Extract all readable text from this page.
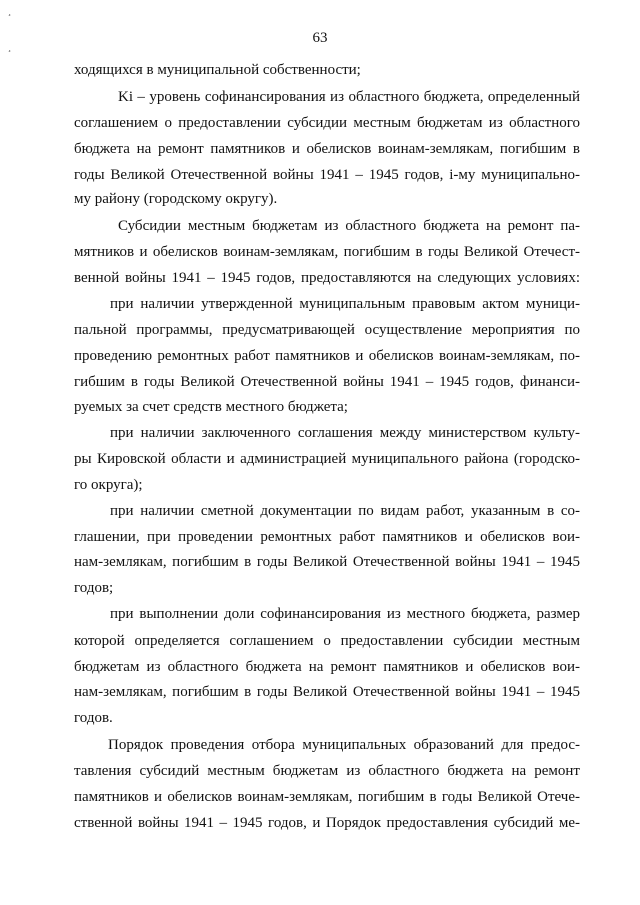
¸
¸
63
ходящихся в муниципальной собственности;
Ki – уровень софинансирования из областного бюджета, определенный
соглашением о предоставлении субсидии местным бюджетам из областного
бюджета на ремонт памятников и обелисков воинам-землякам, погибшим в
годы Великой Отечественной войны 1941 – 1945 годов, i-му муниципально-
му району (городскому округу).
Субсидии местным бюджетам из областного бюджета на ремонт па-
мятников и обелисков воинам-землякам, погибшим в годы Великой Отечест-
венной войны 1941 – 1945 годов, предоставляются на следующих условиях:
при наличии утвержденной муниципальным правовым актом муници-
пальной программы, предусматривающей осуществление мероприятия по
проведению ремонтных работ памятников и обелисков воинам-землякам, по-
гибшим в годы Великой Отечественной войны 1941 – 1945 годов, финанси-
руемых за счет средств местного бюджета;
при наличии заключенного соглашения между министерством культу-
ры Кировской области и администрацией муниципального района (городско-
го округа);
при наличии сметной документации по видам работ, указанным в со-
глашении, при проведении ремонтных работ памятников и обелисков вои-
нам-землякам, погибшим в годы Великой Отечественной войны 1941 – 1945
годов;
при выполнении доли софинансирования из местного бюджета, размер
которой определяется соглашением о предоставлении субсидии местным
бюджетам из областного бюджета на ремонт памятников и обелисков вои-
нам-землякам, погибшим в годы Великой Отечественной войны 1941 – 1945
годов.
Порядок проведения отбора муниципальных образований для предос-
тавления субсидий местным бюджетам из областного бюджета на ремонт
памятников и обелисков воинам-землякам, погибшим в годы Великой Отече-
ственной войны 1941 – 1945 годов, и Порядок предоставления субсидий ме-
